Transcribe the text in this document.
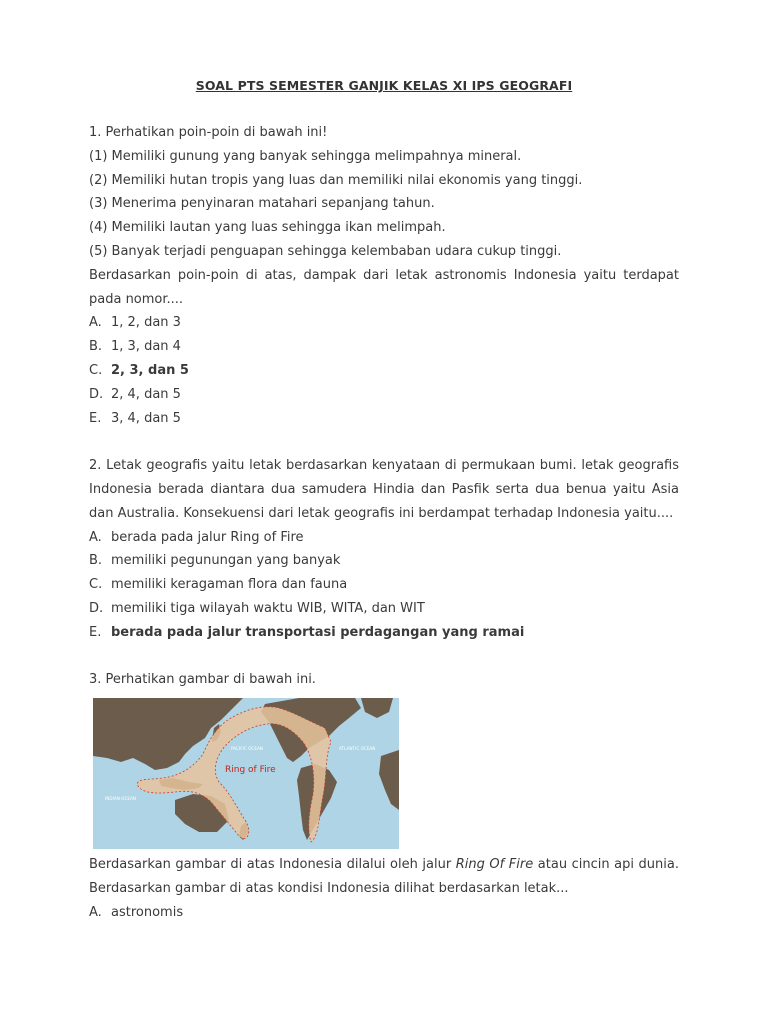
SOAL PTS SEMESTER GANJIK KELAS XI IPS GEOGRAFI

1. Perhatikan poin-poin di bawah ini!

(1) Memiliki gunung yang banyak sehingga melimpahnya mineral.

(2) Memiliki hutan tropis yang luas dan memiliki nilai ekonomis yang tinggi.

(3) Menerima penyinaran matahari sepanjang tahun.

(4) Memiliki lautan yang luas sehingga ikan melimpah.

(5) Banyak terjadi penguapan sehingga kelembaban udara cukup tinggi.

Berdasarkan poin-poin di atas, dampak dari letak astronomis Indonesia yaitu terdapat pada nomor....

A. 1, 2, dan 3

B. 1, 3, dan 4

C. 2, 3, dan 5

D. 2, 4, dan 5

E. 3, 4, dan 5

2. Letak geografis yaitu letak berdasarkan kenyataan di permukaan bumi. letak geografis Indonesia berada diantara dua samudera Hindia dan Pasfik serta dua benua yaitu Asia dan Australia. Konsekuensi dari letak geografis ini berdampat terhadap Indonesia yaitu....

A. berada pada jalur Ring of Fire

B. memiliki pegunungan yang banyak

C. memiliki keragaman flora dan fauna

D. memiliki tiga wilayah waktu WIB, WITA, dan WIT

E. berada pada jalur transportasi perdagangan yang ramai

3. Perhatikan gambar di bawah ini.

Ring of Fire
PACIFIC OCEAN	ATLANTIC OCEAN
INDIAN OCEAN

Berdasarkan gambar di atas Indonesia dilalui oleh jalur Ring Of Fire atau cincin api dunia. Berdasarkan gambar di atas kondisi Indonesia dilihat berdasarkan letak...

A. astronomis
